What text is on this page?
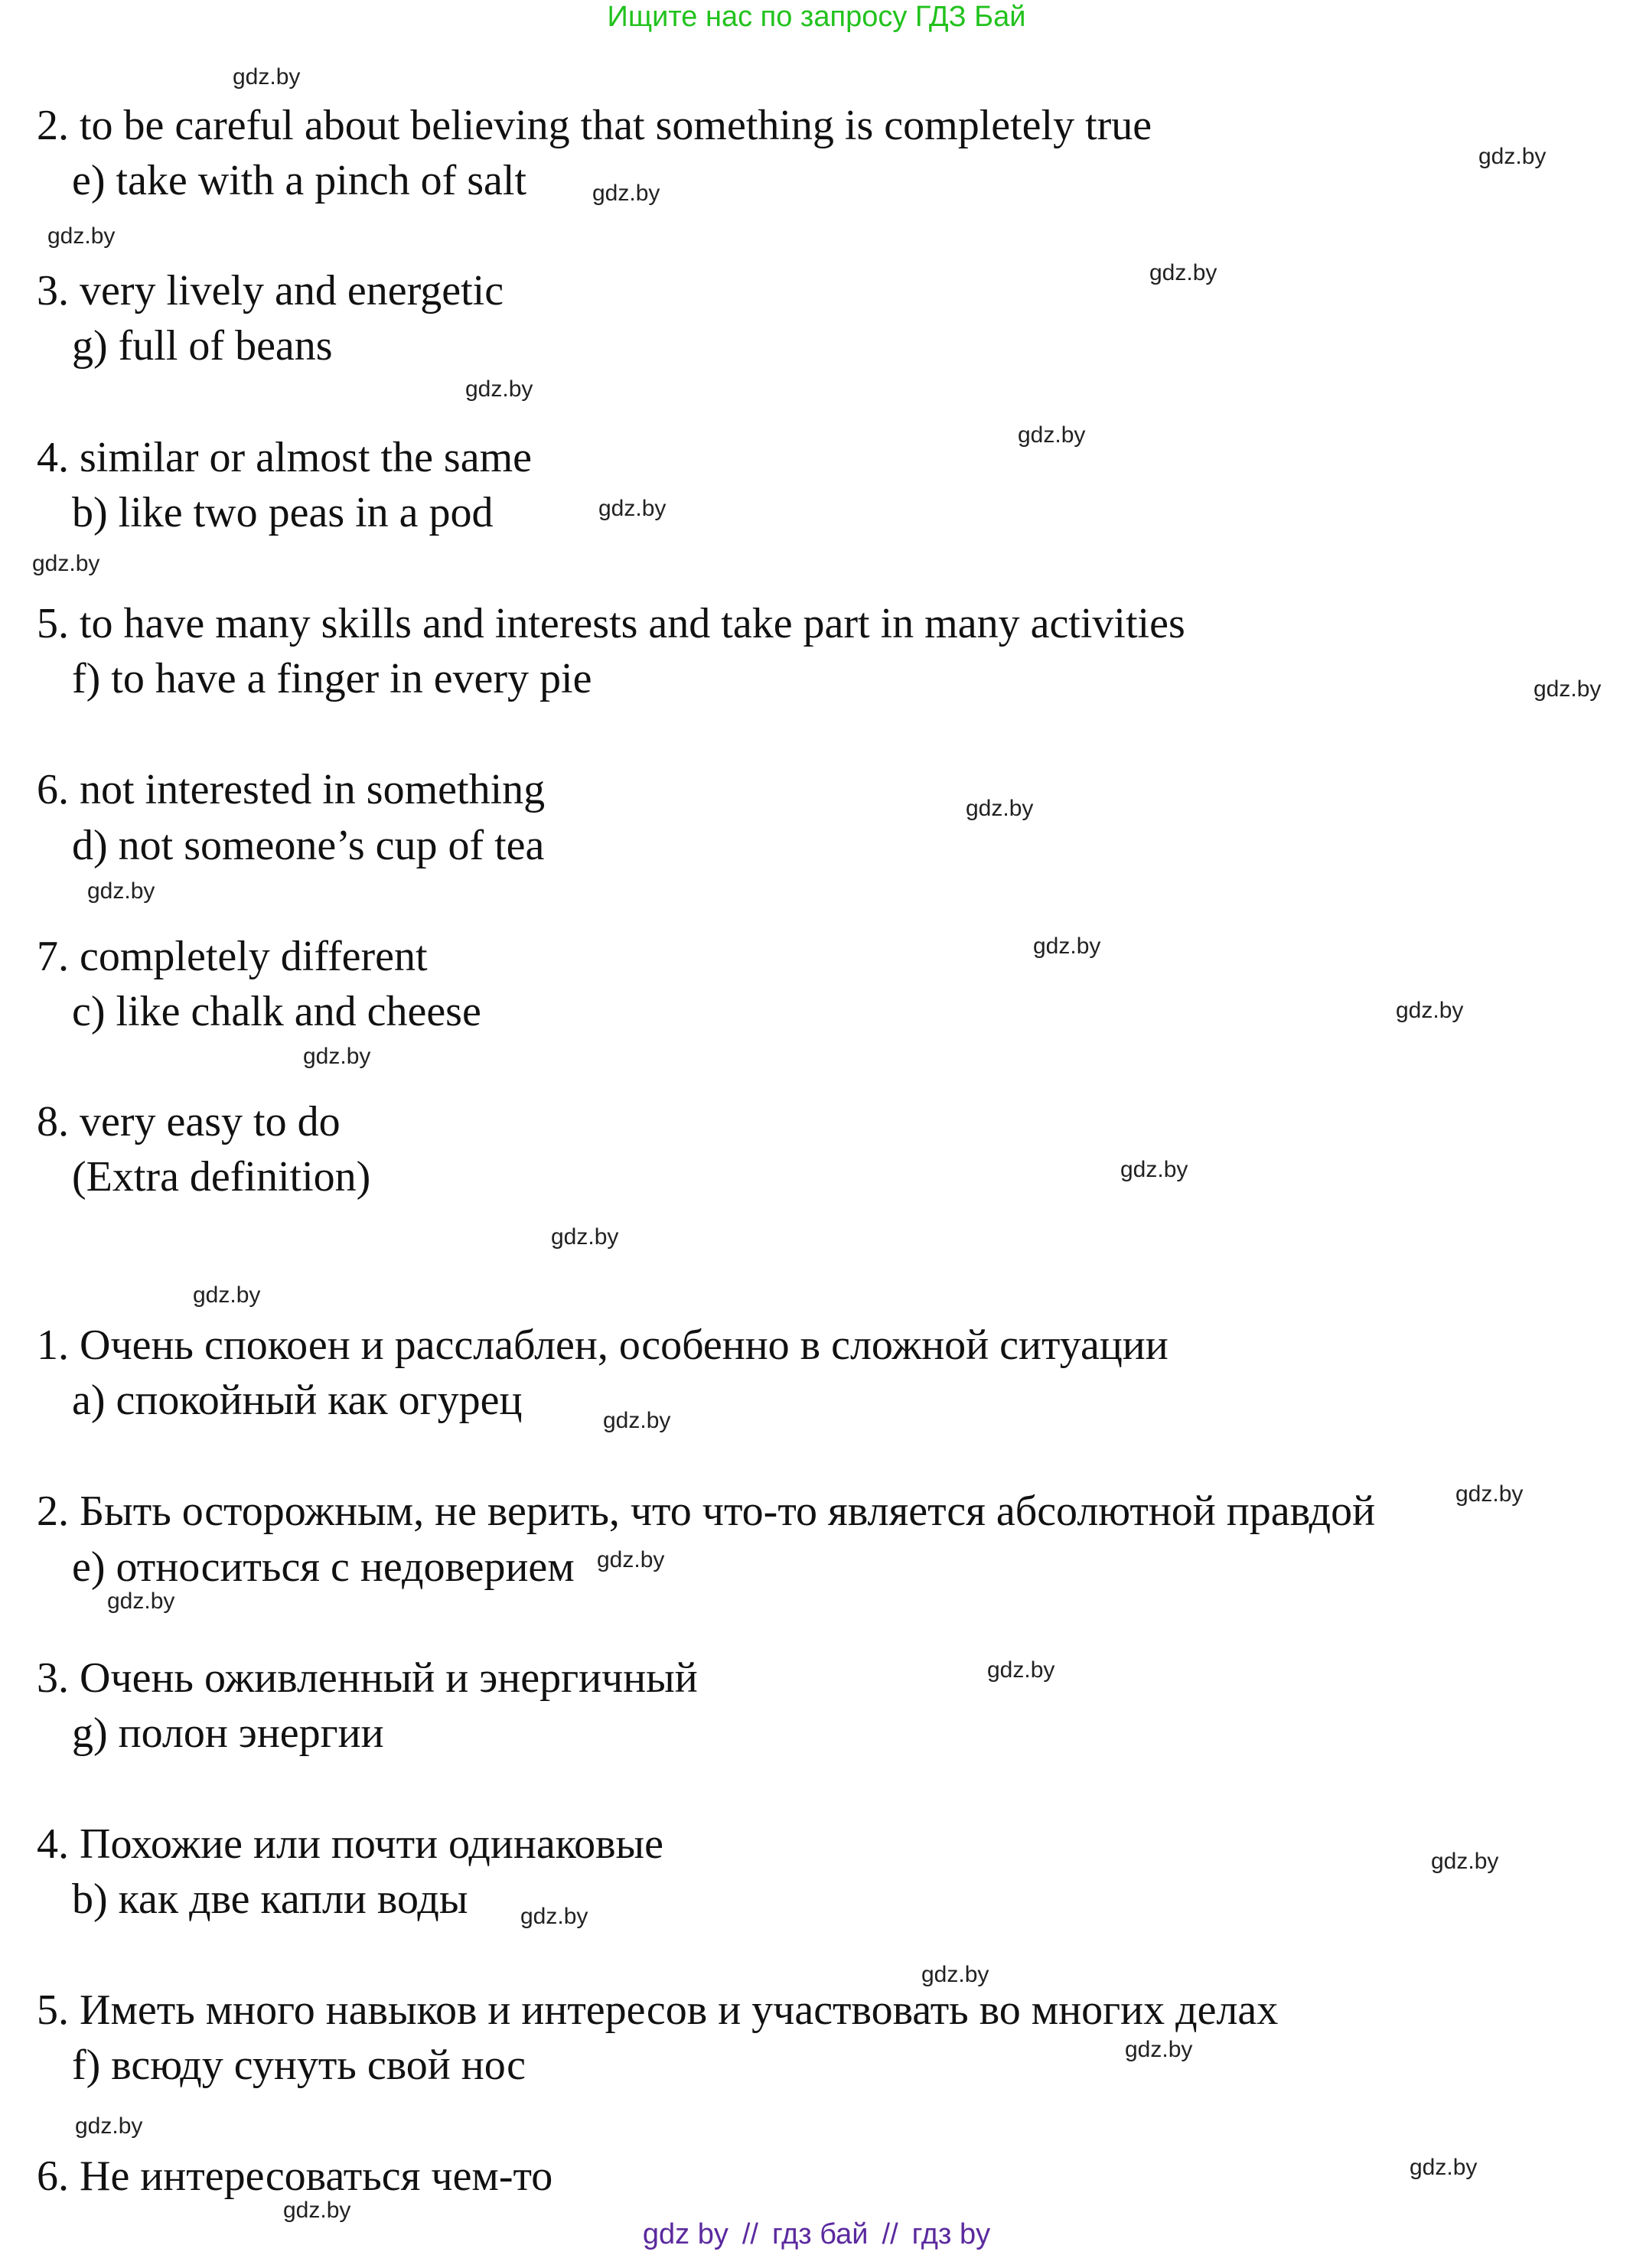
Ищите нас по запросу ГДЗ Бай
2. to be careful about believing that something is completely true
e) take with a pinch of salt
3. very lively and energetic
g) full of beans
4. similar or almost the same
b) like two peas in a pod
5. to have many skills and interests and take part in many activities
f) to have a finger in every pie
6. not interested in something
d) not someone’s cup of tea
7. completely different
c) like chalk and cheese
8. very easy to do
(Extra definition)
1. Очень спокоен и расслаблен, особенно в сложной ситуации
a) спокойный как огурец
2. Быть осторожным, не верить, что что-то является абсолютной правдой
e) относиться с недоверием
3. Очень оживленный и энергичный
g) полон энергии
4. Похожие или почти одинаковые
b) как две капли воды
5. Иметь много навыков и интересов и участвовать во многих делах
f) всюду сунуть свой нос
6. Не интересоваться чем-то
gdz.by
gdz.by
gdz.by
gdz.by
gdz.by
gdz.by
gdz.by
gdz.by
gdz.by
gdz.by
gdz.by
gdz.by
gdz.by
gdz.by
gdz.by
gdz.by
gdz.by
gdz.by
gdz.by
gdz.by
gdz.by
gdz.by
gdz.by
gdz.by
gdz.by
gdz.by
gdz.by
gdz.by
gdz.by
gdz.by
gdz by // гдз бай // гдз by
